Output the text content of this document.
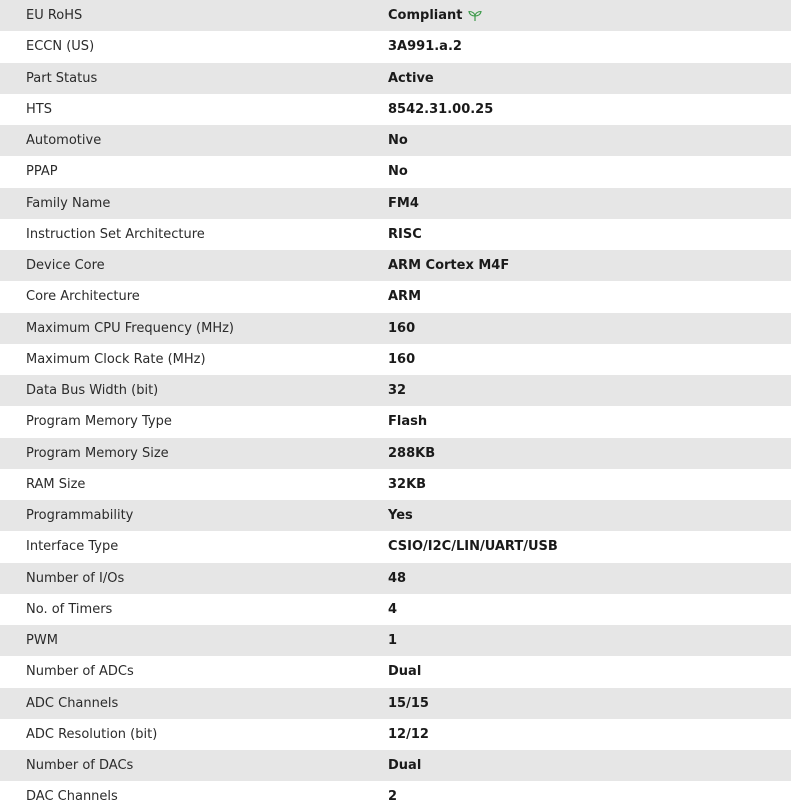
EU RoHS	Compliant
ECCN (US)	3A991.a.2
Part Status	Active
HTS	8542.31.00.25
Automotive	No
PPAP	No
Family Name	FM4
Instruction Set Architecture	RISC
Device Core	ARM Cortex M4F
Core Architecture	ARM
Maximum CPU Frequency (MHz)	160
Maximum Clock Rate (MHz)	160
Data Bus Width (bit)	32
Program Memory Type	Flash
Program Memory Size	288KB
RAM Size	32KB
Programmability	Yes
Interface Type	CSIO/I2C/LIN/UART/USB
Number of I/Os	48
No. of Timers	4
PWM	1
Number of ADCs	Dual
ADC Channels	15/15
ADC Resolution (bit)	12/12
Number of DACs	Dual
DAC Channels	2
